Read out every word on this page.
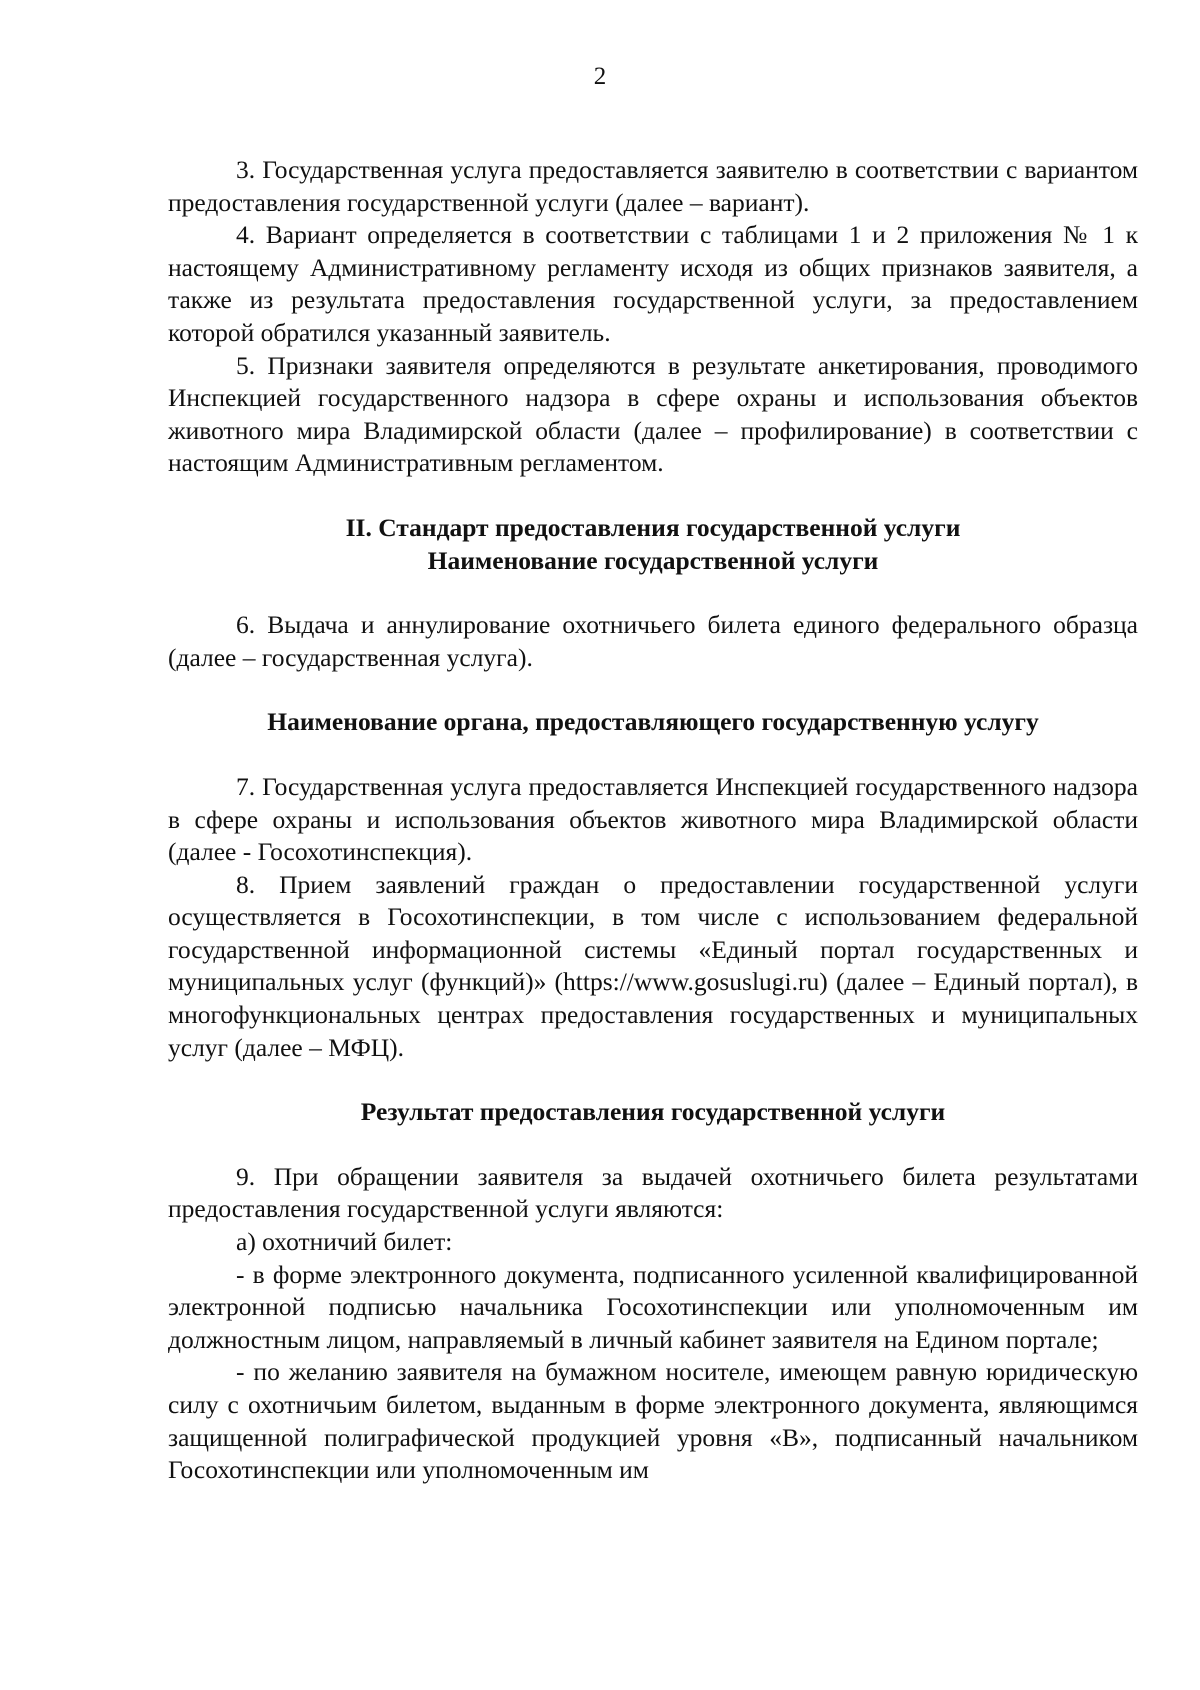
2

3. Государственная услуга предоставляется заявителю в соответствии с вариантом предоставления государственной услуги (далее – вариант).

4. Вариант определяется в соответствии с таблицами 1 и 2 приложения № 1 к настоящему Административному регламенту исходя из общих признаков заявителя, а также из результата предоставления государственной услуги, за предоставлением которой обратился указанный заявитель.

5. Признаки заявителя определяются в результате анкетирования, проводимого Инспекцией государственного надзора в сфере охраны и использования объектов животного мира Владимирской области (далее – профилирование) в соответствии с настоящим Административным регламентом.

II. Стандарт предоставления государственной услуги

Наименование государственной услуги

6. Выдача и аннулирование охотничьего билета единого федерального образца (далее – государственная услуга).

Наименование органа, предоставляющего государственную услугу

7. Государственная услуга предоставляется Инспекцией государственного надзора в сфере охраны и использования объектов животного мира Владимирской области (далее - Госохотинспекция).

8. Прием заявлений граждан о предоставлении государственной услуги осуществляется в Госохотинспекции, в том числе с использованием федеральной государственной информационной системы «Единый портал государственных и муниципальных услуг (функций)» (https://www.gosuslugi.ru) (далее – Единый портал), в многофункциональных центрах предоставления государственных и муниципальных услуг (далее – МФЦ).

Результат предоставления государственной услуги

9. При обращении заявителя за выдачей охотничьего билета результатами предоставления государственной услуги являются:

а) охотничий билет:

- в форме электронного документа, подписанного усиленной квалифицированной электронной подписью начальника Госохотинспекции или уполномоченным им должностным лицом, направляемый в личный кабинет заявителя на Едином портале;

- по желанию заявителя на бумажном носителе, имеющем равную юридическую силу с охотничьим билетом, выданным в форме электронного документа, являющимся защищенной полиграфической продукцией уровня «В», подписанный начальником Госохотинспекции или уполномоченным им
